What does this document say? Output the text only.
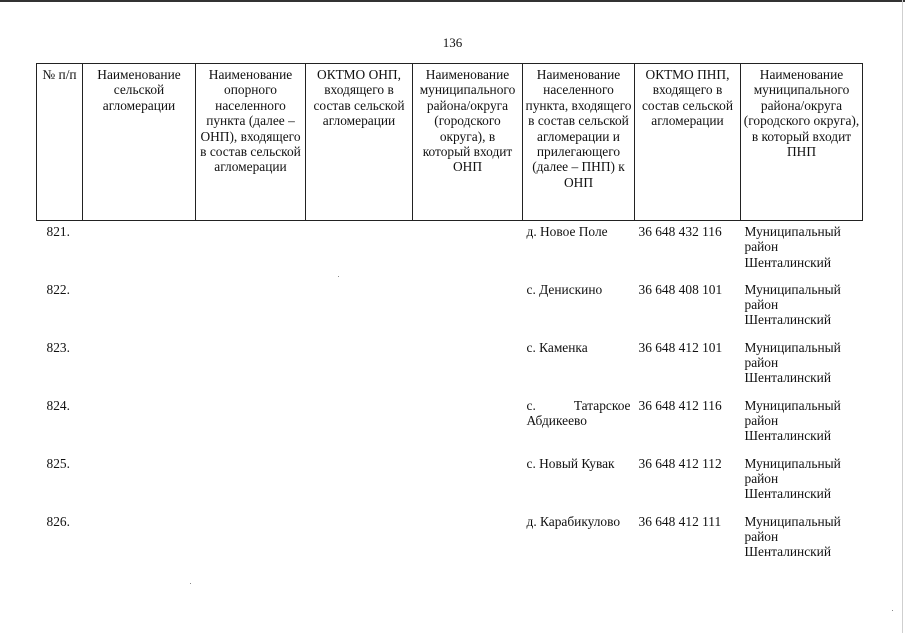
136
№ п/п	Наименование сельской агломерации	Наименование опорного населенного пункта (далее – ОНП), входящего в состав сельской агломерации	ОКТМО ОНП, входящего в состав сельской агломерации	Наименование муниципального района/округа (городского округа), в который входит ОНП	Наименование населенного пункта, входящего в состав сельской агломерации и прилегающего (далее – ПНП) к ОНП	ОКТМО ПНП, входящего в состав сельской агломерации	Наименование муниципального района/округа (городского округа), в который входит ПНП
821.					д. Новое Поле	36 648 432 116	Муниципальный район Шенталинский
822.					с. Денискино	36 648 408 101	Муниципальный район Шенталинский
823.					с. Каменка	36 648 412 101	Муниципальный район Шенталинский
824.					с. Татарское Абдикеево	36 648 412 116	Муниципальный район Шенталинский
825.					с. Новый Кувак	36 648 412 112	Муниципальный район Шенталинский
826.					д. Карабикулово	36 648 412 111	Муниципальный район Шенталинский
